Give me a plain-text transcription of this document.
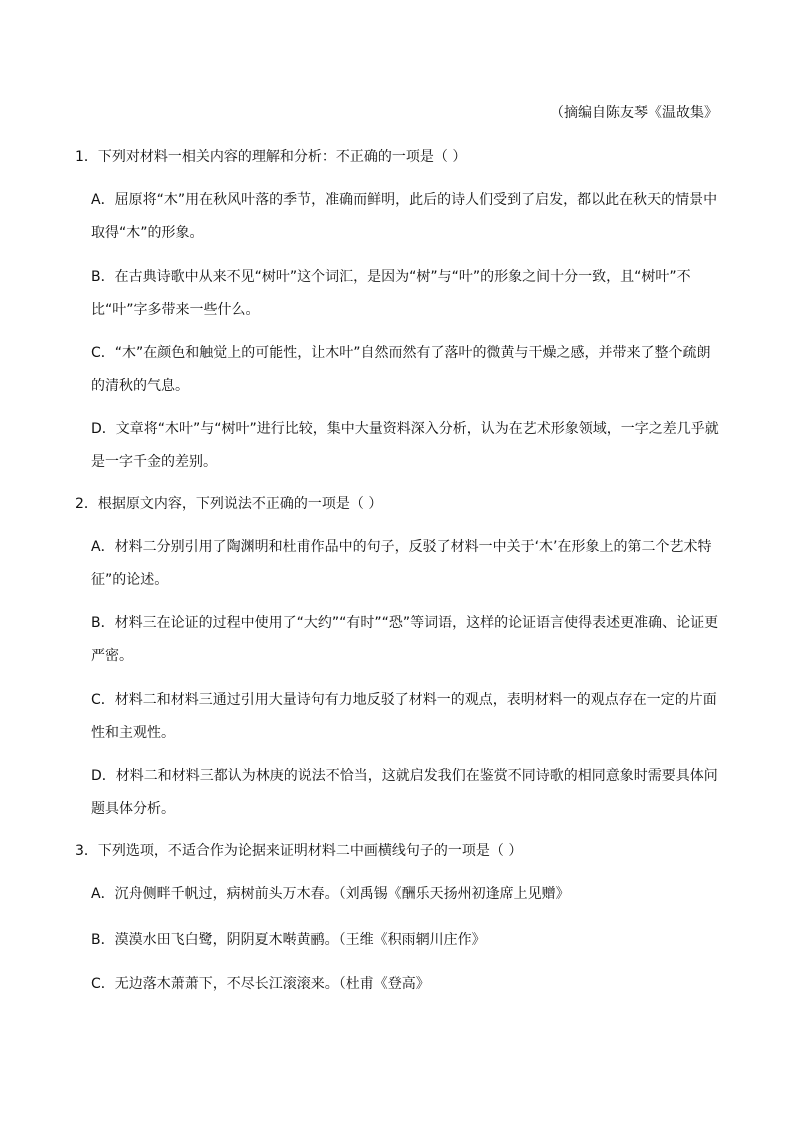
（摘编自陈友琴《温故集》
1．下列对材料一相关内容的理解和分析：不正确的一项是（ ）

A．屈原将“木”用在秋风叶落的季节，准确而鲜明，此后的诗人们受到了启发，都以此在秋天的情景中取得“木”的形象。

B．在古典诗歌中从来不见“树叶”这个词汇，是因为“树”与“叶”的形象之间十分一致，且“树叶”不比“叶”字多带来一些什么。

C．“木”在颜色和触觉上的可能性，让木叶”自然而然有了落叶的微黄与干燥之感，并带来了整个疏朗的清秋的气息。

D．文章将“木叶”与“树叶”进行比较，集中大量资料深入分析，认为在艺术形象领域，一字之差几乎就是一字千金的差别。

2．根据原文内容，下列说法不正确的一项是（ ）

A．材料二分别引用了陶渊明和杜甫作品中的句子，反驳了材料一中关于‘木’在形象上的第二个艺术特征”的论述。

B．材料三在论证的过程中使用了“大约”“有时”“恐”等词语，这样的论证语言使得表述更准确、论证更严密。

C．材料二和材料三通过引用大量诗句有力地反驳了材料一的观点，表明材料一的观点存在一定的片面性和主观性。

D．材料二和材料三都认为林庚的说法不恰当，这就启发我们在鉴赏不同诗歌的相同意象时需要具体问题具体分析。

3．下列选项，不适合作为论据来证明材料二中画横线句子的一项是（ ）

A．沉舟侧畔千帆过，病树前头万木春。（刘禹锡《酬乐天扬州初逢席上见赠》

B．漠漠水田飞白鹭，阴阴夏木啭黄鹂。（王维《积雨辋川庄作》

C．无边落木萧萧下，不尽长江滚滚来。（杜甫《登高》
